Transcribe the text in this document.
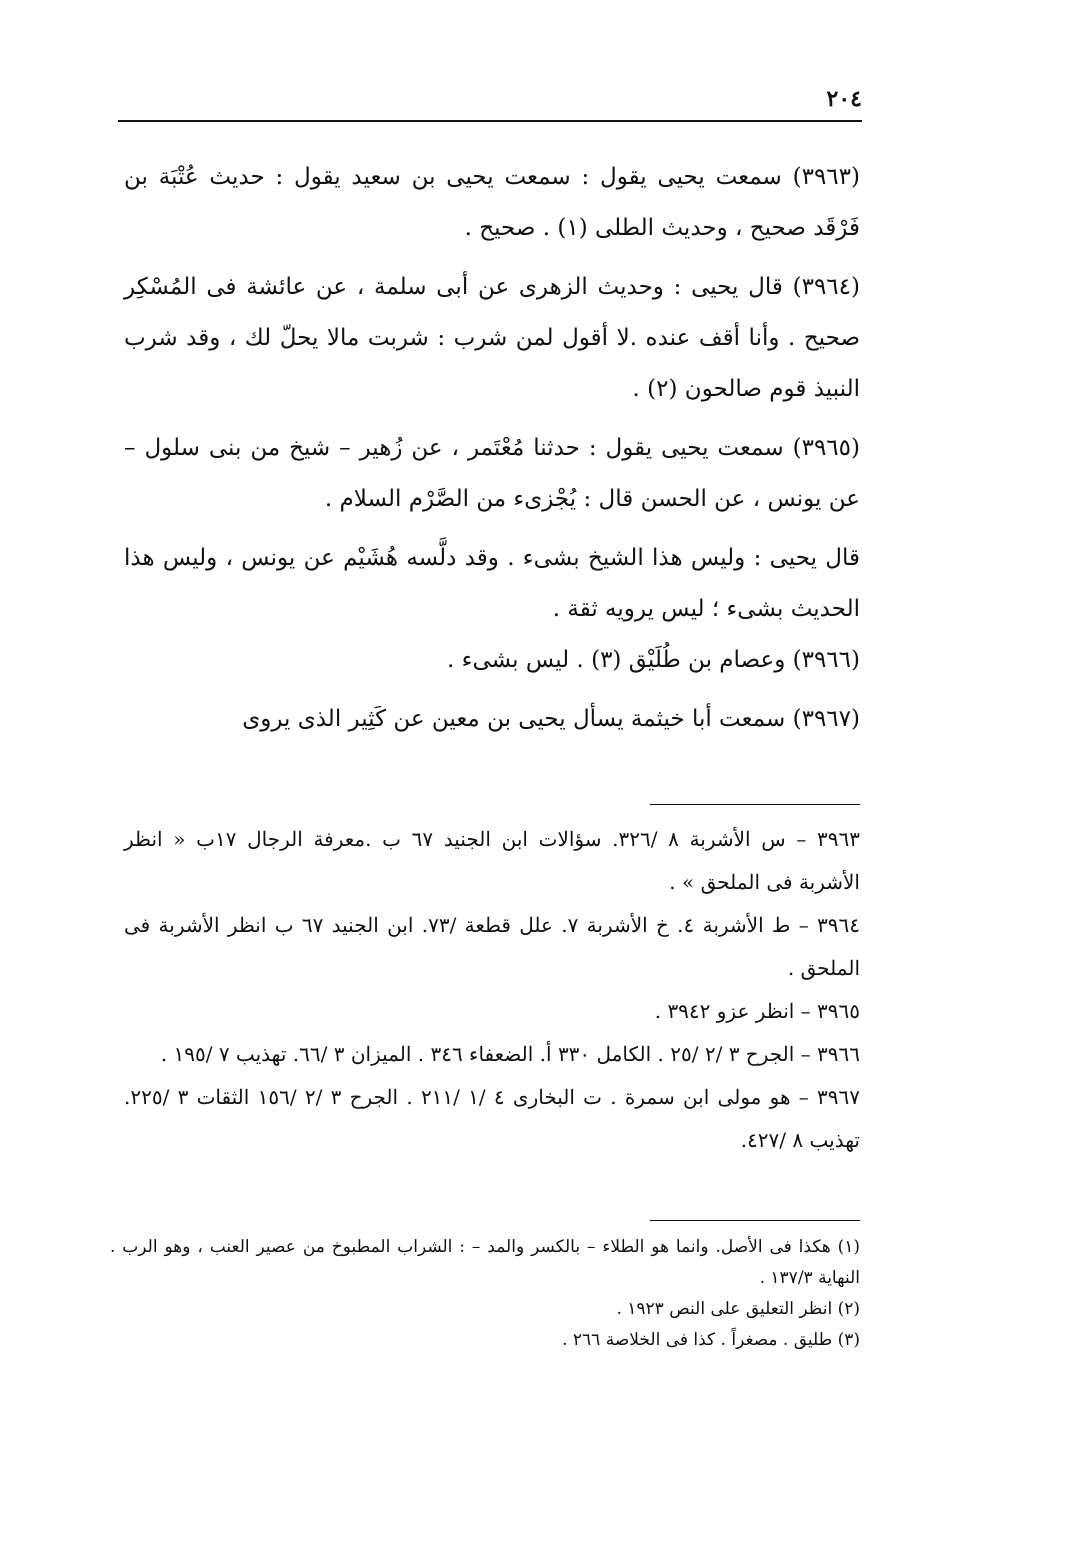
٢٠٤

(٣٩٦٣) سمعت يحيى يقول : سمعت يحيى بن سعيد يقول : حديث عُتْبَة بن فَرْقَد صحيح ، وحديث الطلى (١) . صحيح .

(٣٩٦٤) قال يحيى : وحديث الزهرى عن أبى سلمة ، عن عائشة فى المُسْكِر صحيح . وأنا أقف عنده .لا أقول لمن شرب : شربت مالا يحلّ لك ، وقد شرب النبيذ قوم صالحون (٢) .

(٣٩٦٥) سمعت يحيى يقول : حدثنا مُعْتَمر ، عن زُهير – شيخ من بنى سلول – عن يونس ، عن الحسن قال : يُجْزىء من الصَّرْم السلام .

قال يحيى : وليس هذا الشيخ بشىء . وقد دلَّسه هُشَيْم عن يونس ، وليس هذا الحديث بشىء ؛ ليس يرويه ثقة .

(٣٩٦٦) وعصام بن طُلَيْق (٣) . ليس بشىء .

(٣٩٦٧) سمعت أبا خيثمة يسأل يحيى بن معين عن كَثِير الذى يروى

٣٩٦٣ – س الأشربة ٨ /٣٢٦. سؤالات ابن الجنيد ٦٧ ب .معرفة الرجال ١٧ب « انظر الأشربة فى الملحق » .

٣٩٦٤ – ط الأشربة ٤. خ الأشربة ٧. علل قطعة /٧٣. ابن الجنيد ٦٧ ب انظر الأشربة فى الملحق .

٣٩٦٥ – انظر عزو ٣٩٤٢ .

٣٩٦٦ – الجرح ٣ /٢ /٢٥ . الكامل ٣٣٠ أ. الضعفاء ٣٤٦ . الميزان ٣ /٦٦. تهذيب ٧ /١٩٥ .

٣٩٦٧ – هو مولى ابن سمرة . ت البخارى ٤ /١ /٢١١ . الجرح ٣ /٢ /١٥٦ الثقات ٣ /٢٢٥. تهذيب ٨ /٤٢٧.

(١) هكذا فى الأصل. وانما هو الطلاء – بالكسر والمد – : الشراب المطبوخ من عصير العنب ، وهو الرب . النهاية ١٣٧/٣ .

(٢) انظر التعليق على النص ١٩٢٣ .

(٣) طليق . مصغراً . كذا فى الخلاصة ٢٦٦ .
